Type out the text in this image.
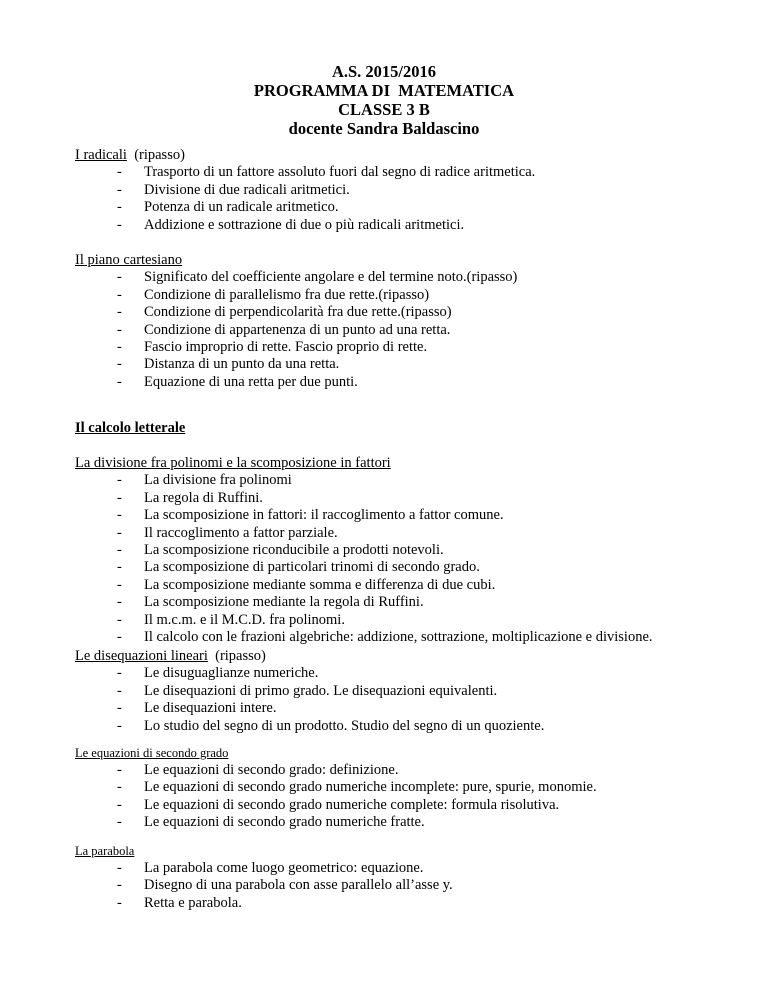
A.S. 2015/2016
PROGRAMMA DI  MATEMATICA
CLASSE 3 B
docente Sandra Baldascino
I radicali  (ripasso)
- Trasporto di un fattore assoluto fuori dal segno di radice aritmetica.
- Divisione di due radicali aritmetici.
- Potenza di un radicale aritmetico.
- Addizione e sottrazione di due o più radicali aritmetici.
Il piano cartesiano
- Significato del coefficiente angolare e del termine noto.(ripasso)
- Condizione di parallelismo fra due rette.(ripasso)
- Condizione di perpendicolarità fra due rette.(ripasso)
- Condizione di appartenenza di un punto ad una retta.
- Fascio improprio di rette. Fascio proprio di rette.
- Distanza di un punto da una retta.
- Equazione di una retta per due punti.
Il calcolo letterale
La divisione fra polinomi e la scomposizione in fattori
- La divisione fra polinomi
- La regola di Ruffini.
- La scomposizione in fattori: il raccoglimento a fattor comune.
- Il raccoglimento a fattor parziale.
- La scomposizione riconducibile a prodotti notevoli.
- La scomposizione di particolari trinomi di secondo grado.
- La scomposizione mediante somma e differenza di due cubi.
- La scomposizione mediante la regola di Ruffini.
- Il m.c.m. e il M.C.D. fra polinomi.
- Il calcolo con le frazioni algebriche: addizione, sottrazione, moltiplicazione e divisione.
Le disequazioni lineari  (ripasso)
- Le disuguaglianze numeriche.
- Le disequazioni di primo grado. Le disequazioni equivalenti.
- Le disequazioni intere.
- Lo studio del segno di un prodotto. Studio del segno di un quoziente.
Le equazioni di secondo grado
- Le equazioni di secondo grado: definizione.
- Le equazioni di secondo grado numeriche incomplete: pure, spurie, monomie.
- Le equazioni di secondo grado numeriche complete: formula risolutiva.
- Le equazioni di secondo grado numeriche fratte.
La parabola
- La parabola come luogo geometrico: equazione.
- Disegno di una parabola con asse parallelo all’asse y.
- Retta e parabola.
